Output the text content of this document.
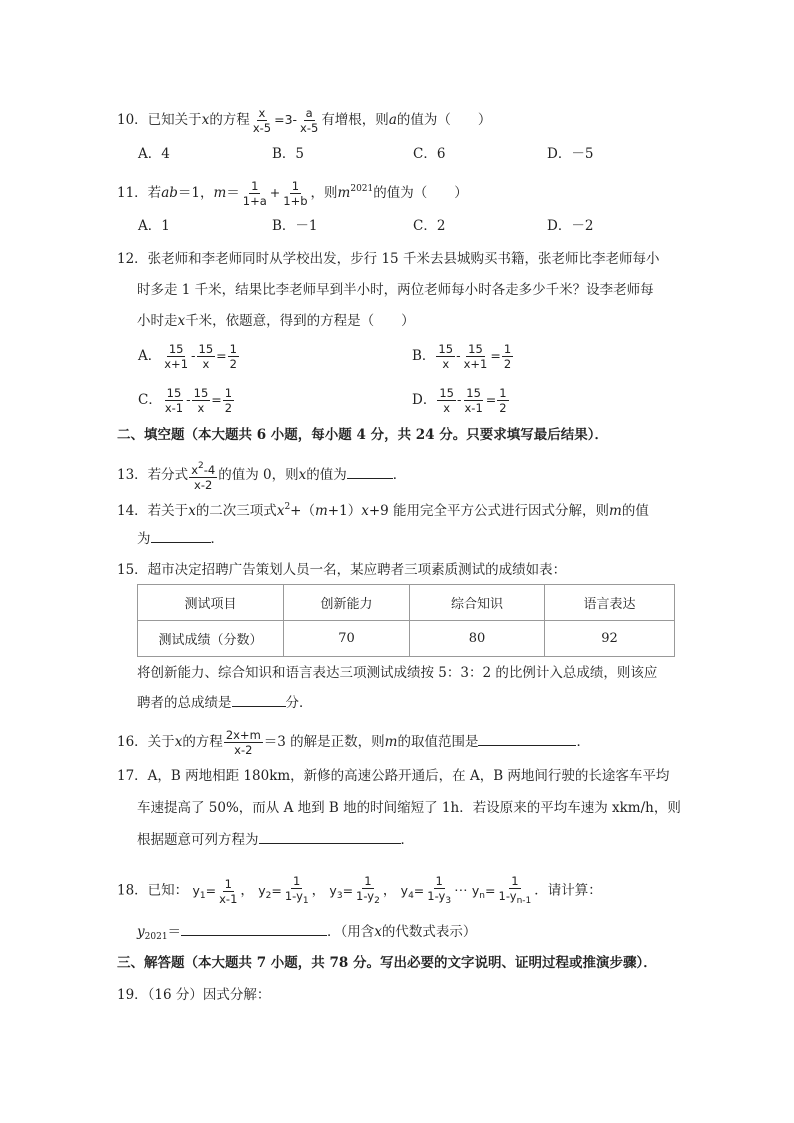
10．已知关于x的方程 $\frac{x}{x-5} =3- \frac{a}{x-5}$ 有增根，则a的值为（　　）
A．4	B．5	C．6	D．－5
11．若ab＝1，$m= \frac{1}{1+a} + \frac{1}{1+b}$ ，则$m^{2021}$的值为（　　）
A．1	B．－1	C．2	D．－2
12．张老师和李老师同时从学校出发，步行 15 千米去县城购买书籍，张老师比李老师每小
时多走 1 千米，结果比李老师早到半小时，两位老师每小时各走多少千米？设李老师每
小时走x千米，依题意，得到的方程是（　　）
A． $\frac{15}{x+1} - \frac{15}{x} = \frac{1}{2}$	B． $\frac{15}{x} - \frac{15}{x+1} = \frac{1}{2}$
C． $\frac{15}{x-1} - \frac{15}{x} = \frac{1}{2}$	D． $\frac{15}{x} - \frac{15}{x-1} = \frac{1}{2}$
二、填空题（本大题共 6 小题，每小题 4 分，共 24 分。只要求填写最后结果）．
13．若分式 $\frac{x^2-4}{x-2}$ 的值为 0，则x的值为	．
14．若关于x的二次三项式$x^2+(m+1)x+9$ 能用完全平方公式进行因式分解，则m的值
为	．
15．超市决定招聘广告策划人员一名，某应聘者三项素质测试的成绩如表：
测试项目	创新能力	综合知识	语言表达
测试成绩（分数）	70	80	92
将创新能力、综合知识和语言表达三项测试成绩按 5：3：2 的比例计入总成绩，则该应
聘者的总成绩是	分．
16．关于x的方程 $\frac{2x+m}{x-2} =3$ 的解是正数，则m的取值范围是	．
17．A，B 两地相距 180km，新修的高速公路开通后，在 A，B 两地间行驶的长途客车平均
车速提高了 50%，而从 A 地到 B 地的时间缩短了 1h．若设原来的平均车速为 xkm/h，则
根据题意可列方程为	．
18．已知： $y_1= \frac{1}{x-1}$ ， $y_2= \frac{1}{1-y_1}$ ， $y_3= \frac{1}{1-y_2}$ ， $y_4= \frac{1}{1-y_3}$ ⋯ $y_n= \frac{1}{1-y_{n-1}}$ ．请计算：
$y_{2021}=$	．（用含x的代数式表示）
三、解答题（本大题共 7 小题，共 78 分。写出必要的文字说明、证明过程或推演步骤）．
19．（16 分）因式分解：
